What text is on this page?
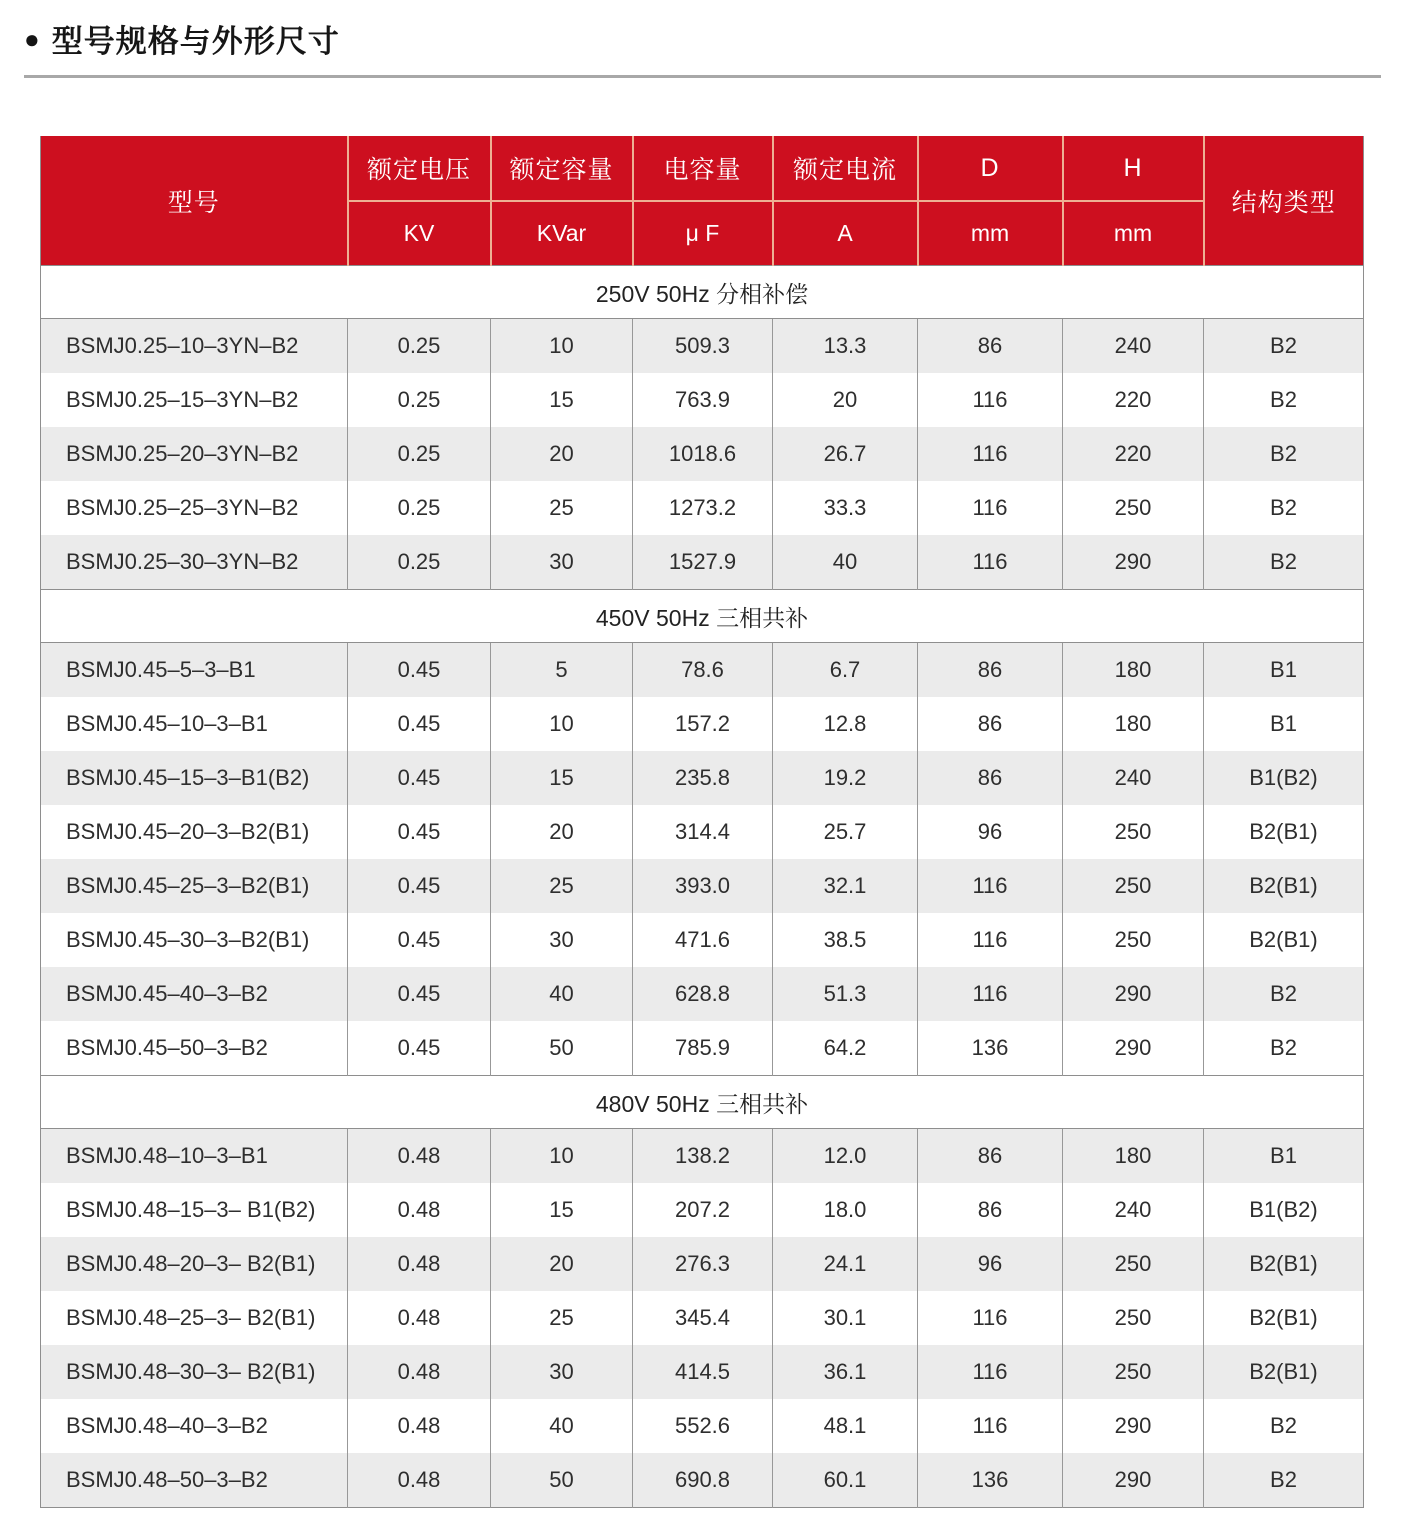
● 型号规格与外形尺寸
型号	额定电压	额定容量	电容量	额定电流	D	H	结构类型
	KV	KVar	μ F	A	mm	mm	
250V 50Hz 分相补偿							
BSMJ0.25–10–3YN–B2	0.25	10	509.3	13.3	86	240	B2
BSMJ0.25–15–3YN–B2	0.25	15	763.9	20	116	220	B2
BSMJ0.25–20–3YN–B2	0.25	20	1018.6	26.7	116	220	B2
BSMJ0.25–25–3YN–B2	0.25	25	1273.2	33.3	116	250	B2
BSMJ0.25–30–3YN–B2	0.25	30	1527.9	40	116	290	B2
450V 50Hz 三相共补							
BSMJ0.45–5–3–B1	0.45	5	78.6	6.7	86	180	B1
BSMJ0.45–10–3–B1	0.45	10	157.2	12.8	86	180	B1
BSMJ0.45–15–3–B1(B2)	0.45	15	235.8	19.2	86	240	B1(B2)
BSMJ0.45–20–3–B2(B1)	0.45	20	314.4	25.7	96	250	B2(B1)
BSMJ0.45–25–3–B2(B1)	0.45	25	393.0	32.1	116	250	B2(B1)
BSMJ0.45–30–3–B2(B1)	0.45	30	471.6	38.5	116	250	B2(B1)
BSMJ0.45–40–3–B2	0.45	40	628.8	51.3	116	290	B2
BSMJ0.45–50–3–B2	0.45	50	785.9	64.2	136	290	B2
480V 50Hz 三相共补							
BSMJ0.48–10–3–B1	0.48	10	138.2	12.0	86	180	B1
BSMJ0.48–15–3– B1(B2)	0.48	15	207.2	18.0	86	240	B1(B2)
BSMJ0.48–20–3– B2(B1)	0.48	20	276.3	24.1	96	250	B2(B1)
BSMJ0.48–25–3– B2(B1)	0.48	25	345.4	30.1	116	250	B2(B1)
BSMJ0.48–30–3– B2(B1)	0.48	30	414.5	36.1	116	250	B2(B1)
BSMJ0.48–40–3–B2	0.48	40	552.6	48.1	116	290	B2
BSMJ0.48–50–3–B2	0.48	50	690.8	60.1	136	290	B2
